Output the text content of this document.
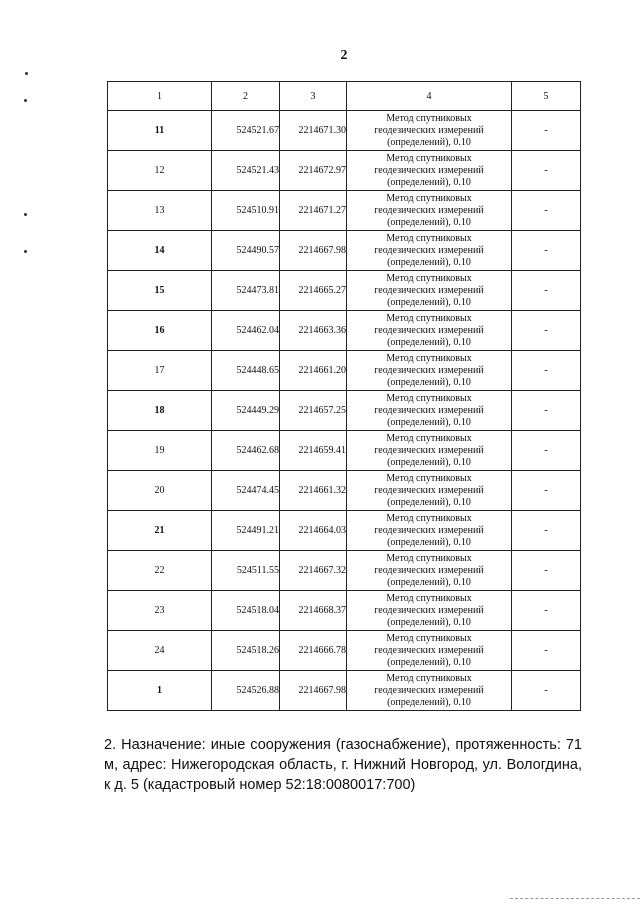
2
1	2	3	4	5
11	524521.67	2214671.30	Метод спутниковых
геодезических измерений
(определений), 0.10	-
12	524521.43	2214672.97	Метод спутниковых
геодезических измерений
(определений), 0.10	-
13	524510.91	2214671.27	Метод спутниковых
геодезических измерений
(определений), 0.10	-
14	524490.57	2214667.98	Метод спутниковых
геодезических измерений
(определений), 0.10	-
15	524473.81	2214665.27	Метод спутниковых
геодезических измерений
(определений), 0.10	-
16	524462.04	2214663.36	Метод спутниковых
геодезических измерений
(определений), 0.10	-
17	524448.65	2214661.20	Метод спутниковых
геодезических измерений
(определений), 0.10	-
18	524449.29	2214657.25	Метод спутниковых
геодезических измерений
(определений), 0.10	-
19	524462.68	2214659.41	Метод спутниковых
геодезических измерений
(определений), 0.10	-
20	524474.45	2214661.32	Метод спутниковых
геодезических измерений
(определений), 0.10	-
21	524491.21	2214664.03	Метод спутниковых
геодезических измерений
(определений), 0.10	-
22	524511.55	2214667.32	Метод спутниковых
геодезических измерений
(определений), 0.10	-
23	524518.04	2214668.37	Метод спутниковых
геодезических измерений
(определений), 0.10	-
24	524518.26	2214666.78	Метод спутниковых
геодезических измерений
(определений), 0.10	-
1	524526.88	2214667.98	Метод спутниковых
геодезических измерений
(определений), 0.10	-
2. Назначение: иные сооружения (газоснабжение), протяженность: 71 м, адрес: Нижегородская область, г. Нижний Новгород, ул. Вологдина, к д. 5 (кадастровый номер 52:18:0080017:700)
